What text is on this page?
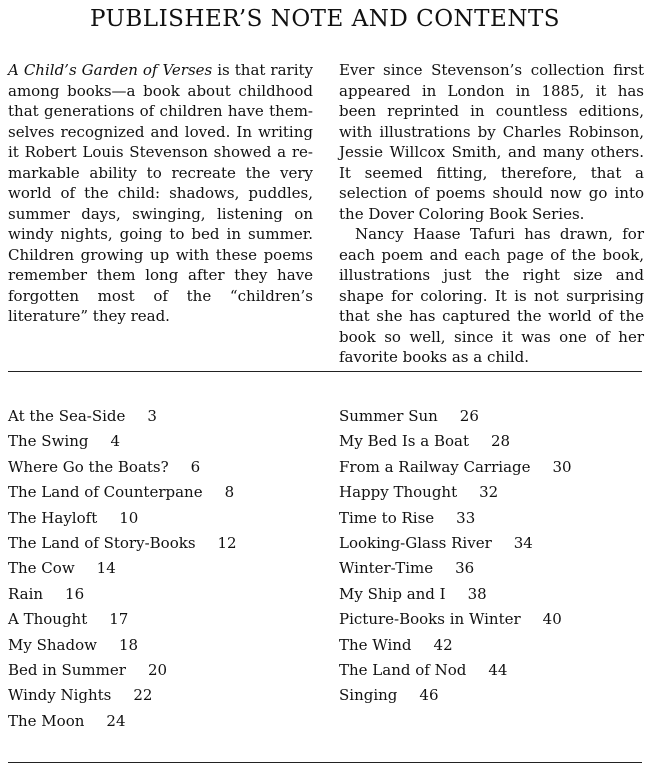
PUBLISHER’S NOTE AND CONTENTS

A Child’s Garden of Verses is that rarity among books—a book about childhood that generations of children have themselves recognized and loved. In writing it Robert Louis Stevenson showed a remarkable ability to recreate the very world of the child: shadows, puddles, summer days, swinging, listening on windy nights, going to bed in summer. Children growing up with these poems remember them long after they have forgotten most of the “children’s literature” they read.

Ever since Stevenson’s collection first appeared in London in 1885, it has been reprinted in countless editions, with illustrations by Charles Robinson, Jessie Willcox Smith, and many others. It seemed fitting, therefore, that a selection of poems should now go into the Dover Coloring Book Series.

Nancy Haase Tafuri has drawn, for each poem and each page of the book, illustrations just the right size and shape for coloring. It is not surprising that she has captured the world of the book so well, since it was one of her favorite books as a child.

At the Sea-Side 3
The Swing 4
Where Go the Boats? 6
The Land of Counterpane 8
The Hayloft 10
The Land of Story-Books 12
The Cow 14
Rain 16
A Thought 17
My Shadow 18
Bed in Summer 20
Windy Nights 22
The Moon 24
Summer Sun 26
My Bed Is a Boat 28
From a Railway Carriage 30
Happy Thought 32
Time to Rise 33
Looking-Glass River 34
Winter-Time 36
My Ship and I 38
Picture-Books in Winter 40
The Wind 42
The Land of Nod 44
Singing 46
